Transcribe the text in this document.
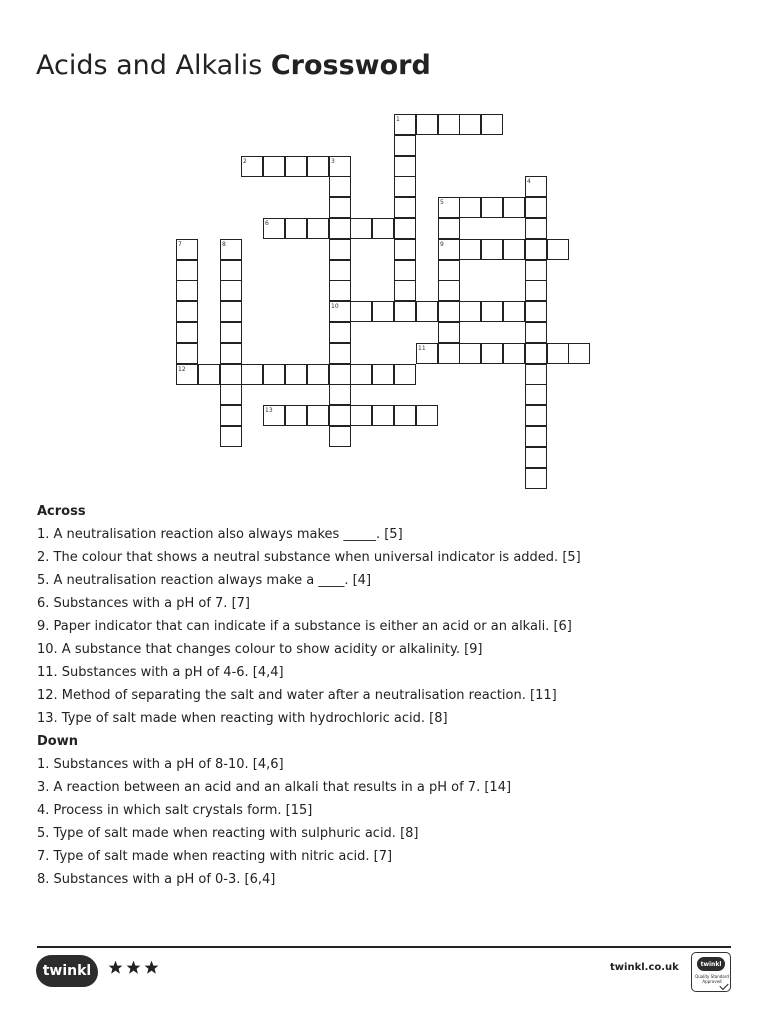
Acids and Alkalis Crossword
1
2	3
4
5
6
9
7	8
10
11
12
13
Across
1. A neutralisation reaction also always makes _____. [5]
2. The colour that shows a neutral substance when universal indicator is added. [5]
5. A neutralisation reaction always make a ____. [4]
6. Substances with a pH of 7. [7]
9. Paper indicator that can indicate if a substance is either an acid or an alkali. [6]
10. A substance that changes colour to show acidity or alkalinity. [9]
11. Substances with a pH of 4-6. [4,4]
12. Method of separating the salt and water after a neutralisation reaction. [11]
13. Type of salt made when reacting with hydrochloric acid. [8]
Down
1. Substances with a pH of 8-10. [4,6]
3. A reaction between an acid and an alkali that results in a pH of 7. [14]
4. Process in which salt crystals form. [15]
5. Type of salt made when reacting with sulphuric acid. [8]
7. Type of salt made when reacting with nitric acid. [7]
8. Substances with a pH of 0-3. [6,4]
twinkl	twinkl.co.uk	twinkl
Quality Standard Approved
